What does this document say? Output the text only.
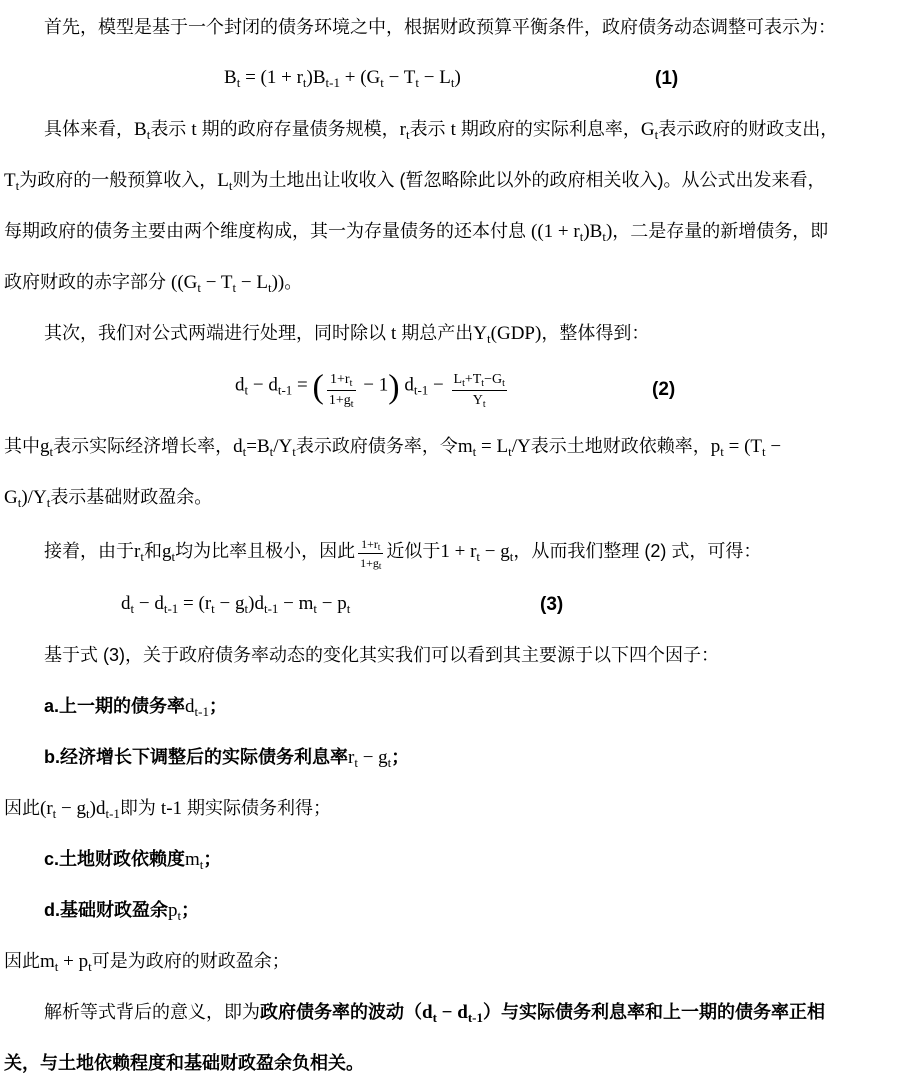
首先，模型是基于一个封闭的债务环境之中，根据财政预算平衡条件，政府债务动态调整可表示为：
$B_t = (1 + r_t)B_{t-1} + (G_t - T_t - L_t)$	(1)
具体来看，$B_t$表示 t 期的政府存量债务规模，$r_t$表示 t 期政府的实际利息率，$G_t$表示政府的财政支出，
$T_t$为政府的一般预算收入，$L_t$则为土地出让收收入 (暂忽略除此以外的政府相关收入)。从公式出发来看，
每期政府的债务主要由两个维度构成，其一为存量债务的还本付息 $((1 + r_t)B_t)$，二是存量的新增债务，即
政府财政的赤字部分 $((G_t - T_t - L_t))$。
其次，我们对公式两端进行处理，同时除以 t 期总产出$Y_t(GDP)$，整体得到：
$d_t - d_{t-1}$ = ( $\frac{1+rt}{1+gt} - 1$) $d_{t-1} - \frac{Lt+Tt-Gt}{Yt}$	(2)
其中$g_t$表示实际经济增长率，$d_t=B_t/Y_t$表示政府债务率，令$m_t = L_t/Y$表示土地财政依赖率，$p_t = (T_t$ −
$G_t)/Y_t$表示基础财政盈余。
接着，由于$r_t$和$g_t$均为比率且极小，因此 $\frac{1+rt}{1+gt}$ 近似于$1 + r_t - g_t$，从而我们整理 (2) 式，可得：
$d_t - d_{t-1} = (r_t - g_t)d_{t-1} - m_t - p_t$	(3)
基于式 (3)，关于政府债务率动态的变化其实我们可以看到其主要源于以下四个因子：
a.上一期的债务率$d_{t-1}$；
b.经济增长下调整后的实际债务利息率$r_t - g_t$；
因此$(r_t - g_t)d_{t-1}$即为 t-1 期实际债务利得；
c.土地财政依赖度$m_t$；
d.基础财政盈余$p_t$；
因此$m_t + p_t$可是为政府的财政盈余；
解析等式背后的意义，即为政府债务率的波动$(d_t - d_{t-1})$与实际债务利息率和上一期的债务率正相
关，与土地依赖程度和基础财政盈余负相关。
